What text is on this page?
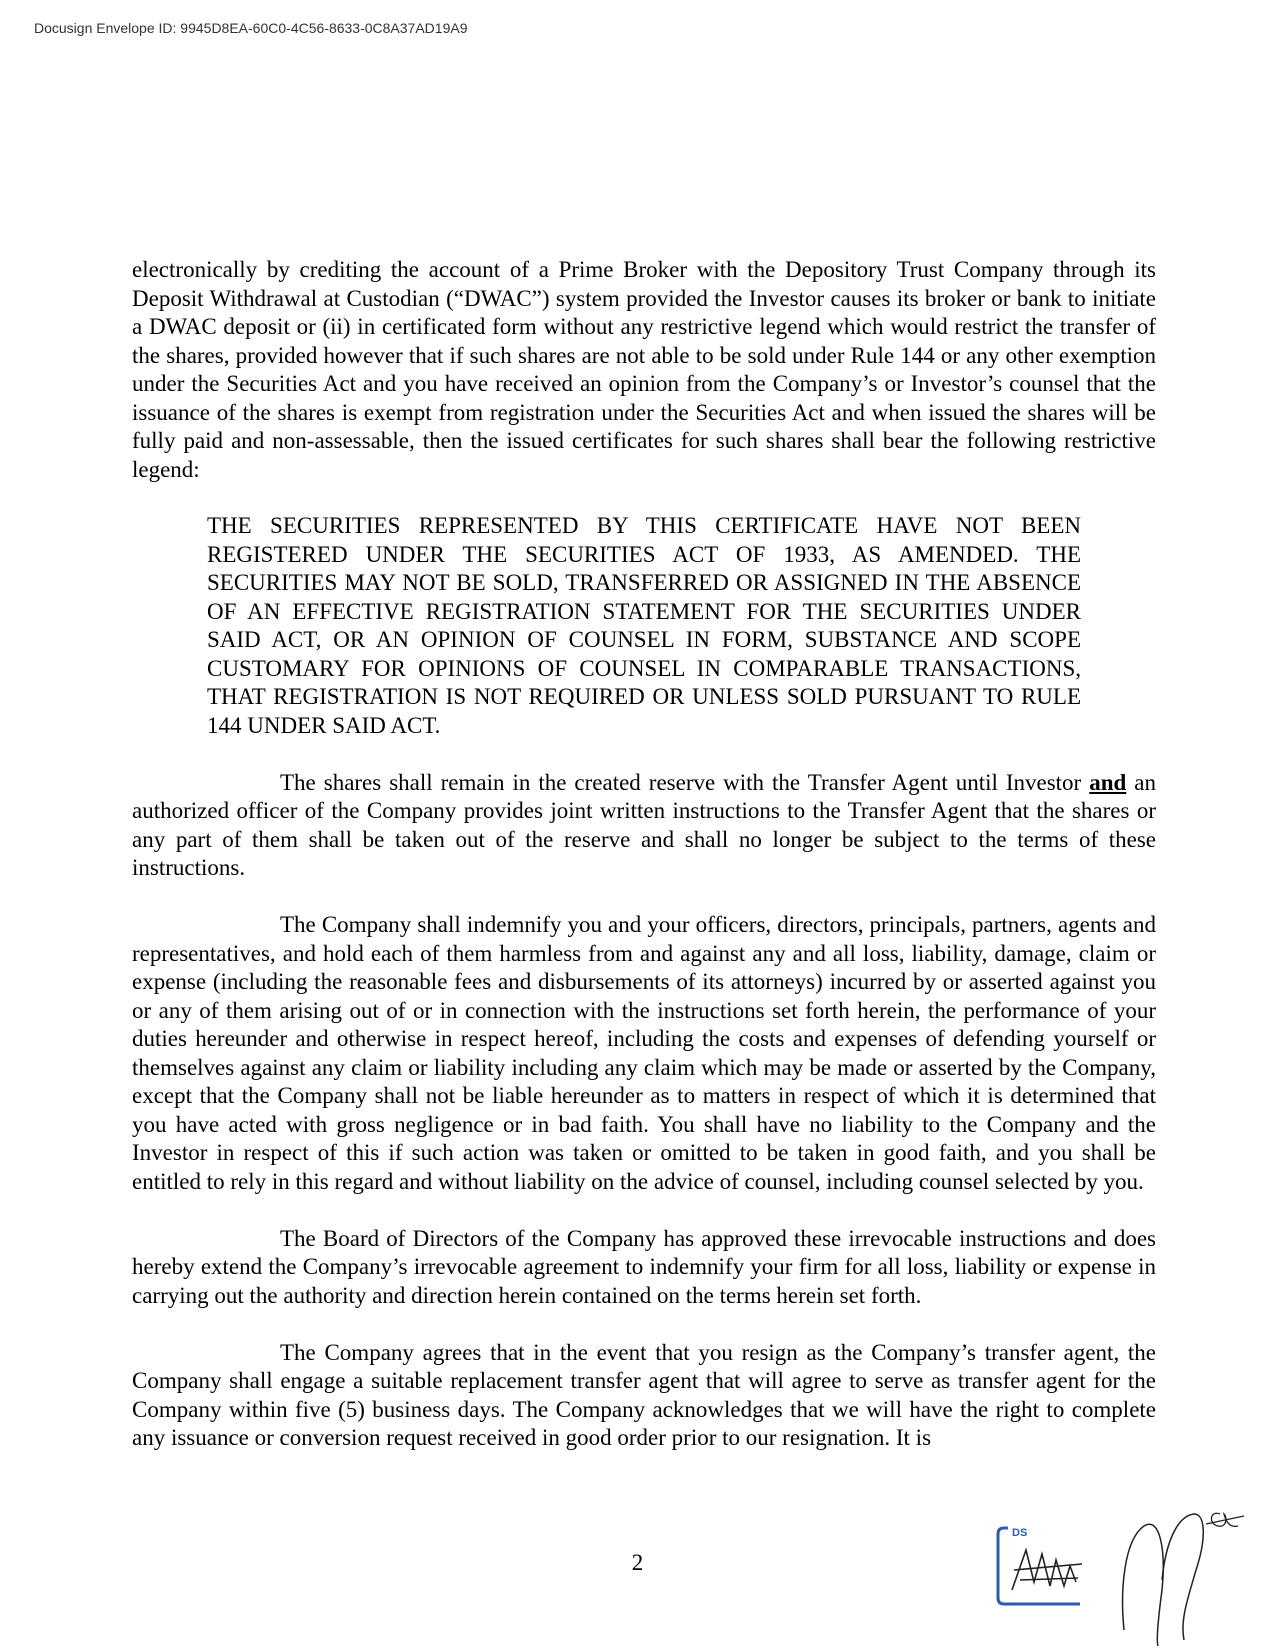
Docusign Envelope ID: 9945D8EA-60C0-4C56-8633-0C8A37AD19A9

electronically by crediting the account of a Prime Broker with the Depository Trust Company through its Deposit Withdrawal at Custodian (“DWAC”) system provided the Investor causes its broker or bank to initiate a DWAC deposit or (ii) in certificated form without any restrictive legend which would restrict the transfer of the shares, provided however that if such shares are not able to be sold under Rule 144 or any other exemption under the Securities Act and you have received an opinion from the Company’s or Investor’s counsel that the issuance of the shares is exempt from registration under the Securities Act and when issued the shares will be fully paid and non-assessable, then the issued certificates for such shares shall bear the following restrictive legend:

THE SECURITIES REPRESENTED BY THIS CERTIFICATE HAVE NOT BEEN REGISTERED UNDER THE SECURITIES ACT OF 1933, AS AMENDED. THE SECURITIES MAY NOT BE SOLD, TRANSFERRED OR ASSIGNED IN THE ABSENCE OF AN EFFECTIVE REGISTRATION STATEMENT FOR THE SECURITIES UNDER SAID ACT, OR AN OPINION OF COUNSEL IN FORM, SUBSTANCE AND SCOPE CUSTOMARY FOR OPINIONS OF COUNSEL IN COMPARABLE TRANSACTIONS, THAT REGISTRATION IS NOT REQUIRED OR UNLESS SOLD PURSUANT TO RULE 144 UNDER SAID ACT.

The shares shall remain in the created reserve with the Transfer Agent until Investor and an authorized officer of the Company provides joint written instructions to the Transfer Agent that the shares or any part of them shall be taken out of the reserve and shall no longer be subject to the terms of these instructions.

The Company shall indemnify you and your officers, directors, principals, partners, agents and representatives, and hold each of them harmless from and against any and all loss, liability, damage, claim or expense (including the reasonable fees and disbursements of its attorneys) incurred by or asserted against you or any of them arising out of or in connection with the instructions set forth herein, the performance of your duties hereunder and otherwise in respect hereof, including the costs and expenses of defending yourself or themselves against any claim or liability including any claim which may be made or asserted by the Company, except that the Company shall not be liable hereunder as to matters in respect of which it is determined that you have acted with gross negligence or in bad faith. You shall have no liability to the Company and the Investor in respect of this if such action was taken or omitted to be taken in good faith, and you shall be entitled to rely in this regard and without liability on the advice of counsel, including counsel selected by you.

The Board of Directors of the Company has approved these irrevocable instructions and does hereby extend the Company’s irrevocable agreement to indemnify your firm for all loss, liability or expense in carrying out the authority and direction herein contained on the terms herein set forth.

The Company agrees that in the event that you resign as the Company’s transfer agent, the Company shall engage a suitable replacement transfer agent that will agree to serve as transfer agent for the Company within five (5) business days. The Company acknowledges that we will have the right to complete any issuance or conversion request received in good order prior to our resignation. It is

2
DS
